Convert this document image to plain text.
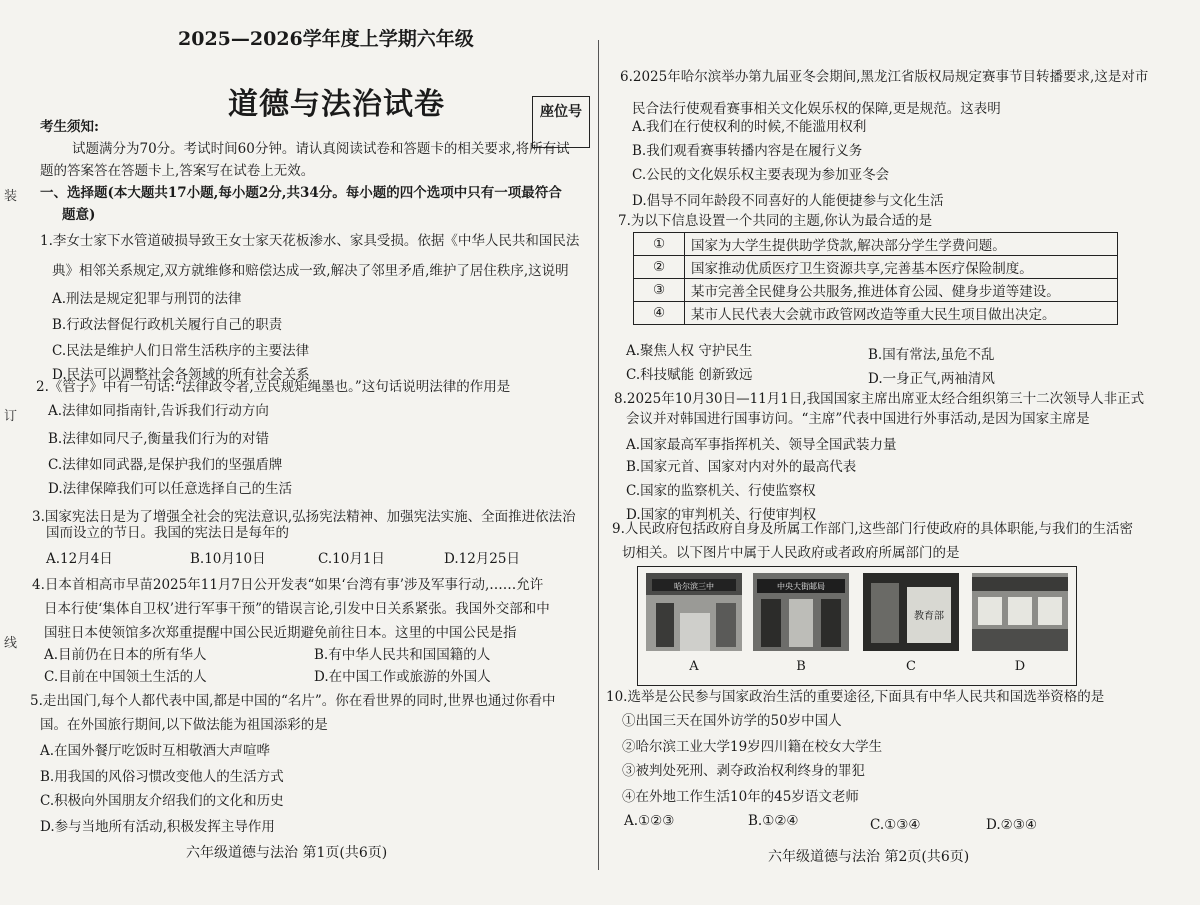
装
订
线
2025—2026学年度上学期六年级
道德与法治试卷	座位号
考生须知:
试题满分为70分。考试时间60分钟。请认真阅读试卷和答题卡的相关要求,将所有试
题的答案答在答题卡上,答案写在试卷上无效。
一、选择题(本大题共17小题,每小题2分,共34分。每小题的四个选项中只有一项最符合
题意)
1.李女士家下水管道破损导致王女士家天花板渗水、家具受损。依据《中华人民共和国民法
典》相邻关系规定,双方就维修和赔偿达成一致,解决了邻里矛盾,维护了居住秩序,这说明
A.刑法是规定犯罪与刑罚的法律
B.行政法督促行政机关履行自己的职责
C.民法是维护人们日常生活秩序的主要法律
D.民法可以调整社会各领域的所有社会关系
2.《管子》中有一句话:“法律政令者,立民规矩绳墨也。”这句话说明法律的作用是
A.法律如同指南针,告诉我们行动方向
B.法律如同尺子,衡量我们行为的对错
C.法律如同武器,是保护我们的坚强盾牌
D.法律保障我们可以任意选择自己的生活
3.国家宪法日是为了增强全社会的宪法意识,弘扬宪法精神、加强宪法实施、全面推进依法治
国而设立的节日。我国的宪法日是每年的
A.12月4日	B.10月10日	C.10月1日	D.12月25日
4.日本首相高市早苗2025年11月7日公开发表“如果‘台湾有事’涉及军事行动,……允许
日本行使‘集体自卫权’进行军事干预”的错误言论,引发中日关系紧张。我国外交部和中
国驻日本使领馆多次郑重提醒中国公民近期避免前往日本。这里的中国公民是指
A.目前仍在日本的所有华人	B.有中华人民共和国国籍的人
C.目前在中国领土生活的人	D.在中国工作或旅游的外国人
5.走出国门,每个人都代表中国,都是中国的“名片”。你在看世界的同时,世界也通过你看中
国。在外国旅行期间,以下做法能为祖国添彩的是
A.在国外餐厅吃饭时互相敬酒大声喧哗
B.用我国的风俗习惯改变他人的生活方式
C.积极向外国朋友介绍我们的文化和历史
D.参与当地所有活动,积极发挥主导作用
六年级道德与法治 第1页(共6页)
6.2025年哈尔滨举办第九届亚冬会期间,黑龙江省版权局规定赛事节目转播要求,这是对市
民合法行使观看赛事相关文化娱乐权的保障,更是规范。这表明
A.我们在行使权利的时候,不能滥用权利
B.我们观看赛事转播内容是在履行义务
C.公民的文化娱乐权主要表现为参加亚冬会
D.倡导不同年龄段不同喜好的人能便捷参与文化生活
7.为以下信息设置一个共同的主题,你认为最合适的是
①	国家为大学生提供助学贷款,解决部分学生学费问题。
②	国家推动优质医疗卫生资源共享,完善基本医疗保险制度。
③	某市完善全民健身公共服务,推进体育公园、健身步道等建设。
④	某市人民代表大会就市政管网改造等重大民生项目做出决定。
A.聚焦人权 守护民生	B.国有常法,虽危不乱
C.科技赋能 创新致远	D.一身正气,两袖清风
8.2025年10月30日—11月1日,我国国家主席出席亚太经合组织第三十二次领导人非正式
会议并对韩国进行国事访问。“主席”代表中国进行外事活动,是因为国家主席是
A.国家最高军事指挥机关、领导全国武装力量
B.国家元首、国家对内对外的最高代表
C.国家的监察机关、行使监察权
D.国家的审判机关、行使审判权
9.人民政府包括政府自身及所属工作部门,这些部门行使政府的具体职能,与我们的生活密
切相关。以下图片中属于人民政府或者政府所属部门的是
哈尔滨三中	中央大街邮局
教育部
A	B	C	D
10.选举是公民参与国家政治生活的重要途径,下面具有中华人民共和国选举资格的是
①出国三天在国外访学的50岁中国人
②哈尔滨工业大学19岁四川籍在校女大学生
③被判处死刑、剥夺政治权利终身的罪犯
④在外地工作生活10年的45岁语文老师
A.①②③	B.①②④	C.①③④	D.②③④
六年级道德与法治 第2页(共6页)
